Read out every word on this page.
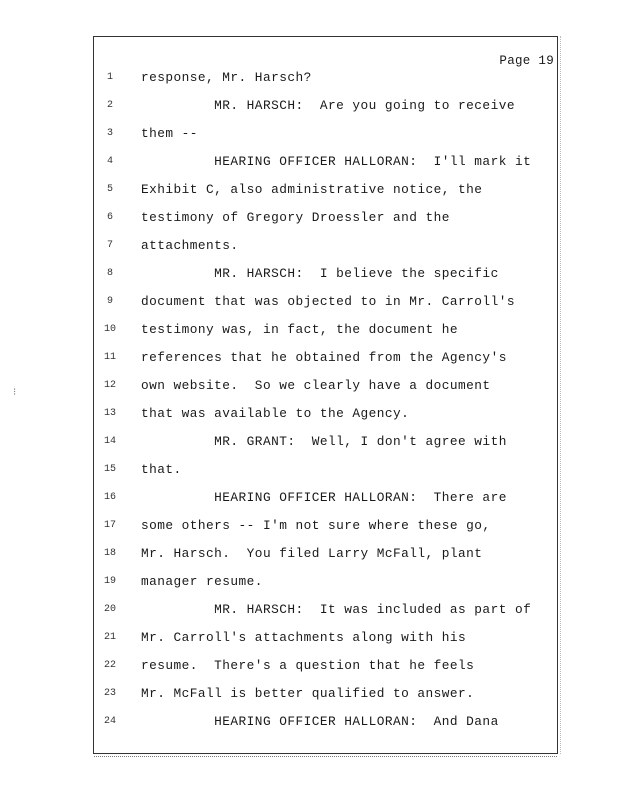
Page 19
⁝
1	response, Mr. Harsch?
2	MR. HARSCH:  Are you going to receive
3	them --
4	HEARING OFFICER HALLORAN:  I'll mark it
5	Exhibit C, also administrative notice, the
6	testimony of Gregory Droessler and the
7	attachments.
8	MR. HARSCH:  I believe the specific
9	document that was objected to in Mr. Carroll's
10	testimony was, in fact, the document he
11	references that he obtained from the Agency's
12	own website.  So we clearly have a document
13	that was available to the Agency.
14	MR. GRANT:  Well, I don't agree with
15	that.
16	HEARING OFFICER HALLORAN:  There are
17	some others -- I'm not sure where these go,
18	Mr. Harsch.  You filed Larry McFall, plant
19	manager resume.
20	MR. HARSCH:  It was included as part of
21	Mr. Carroll's attachments along with his
22	resume.  There's a question that he feels
23	Mr. McFall is better qualified to answer.
24	HEARING OFFICER HALLORAN:  And Dana
